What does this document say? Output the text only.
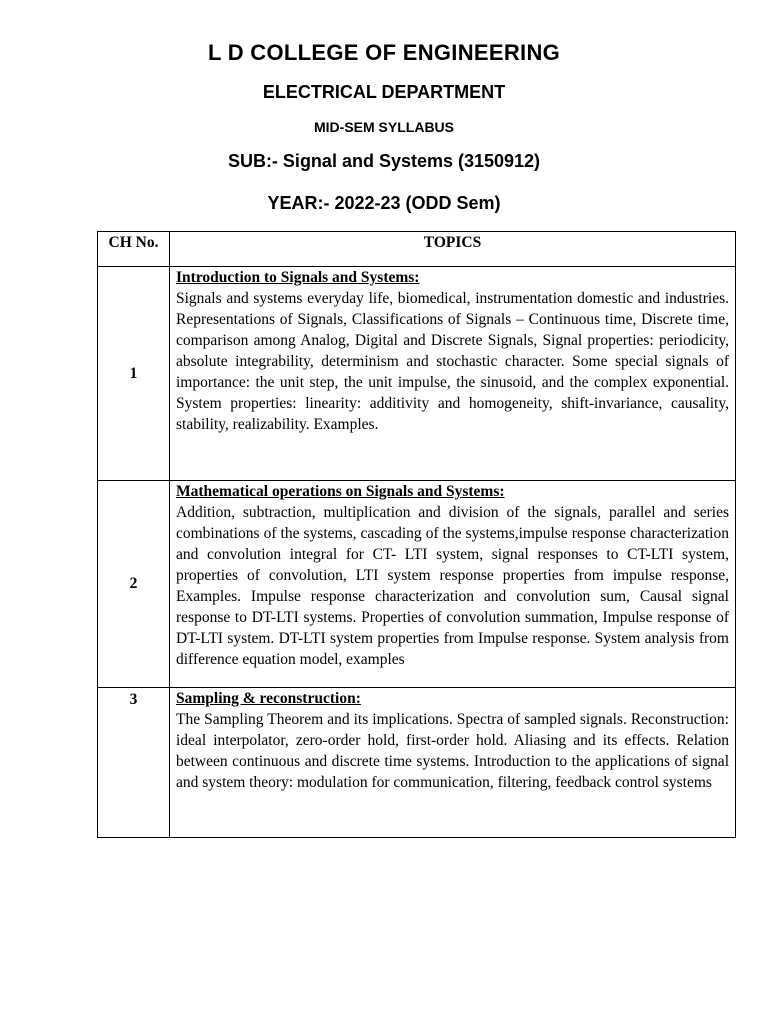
L D COLLEGE OF ENGINEERING
ELECTRICAL DEPARTMENT
MID-SEM SYLLABUS
SUB:- Signal and Systems (3150912)
YEAR:- 2022-23 (ODD Sem)
CH No.	TOPICS
1	Introduction to Signals and Systems:
Signals and systems everyday life, biomedical, instrumentation domestic and industries. Representations of Signals, Classifications of Signals – Continuous time, Discrete time, comparison among Analog, Digital and Discrete Signals, Signal properties: periodicity, absolute integrability, determinism and stochastic character. Some special signals of importance: the unit step, the unit impulse, the sinusoid, and the complex exponential. System properties: linearity: additivity and homogeneity, shift-invariance, causality, stability, realizability. Examples.

2	Mathematical operations on Signals and Systems:
Addition, subtraction, multiplication and division of the signals, parallel and series combinations of the systems, cascading of the systems,impulse response characterization and convolution integral for CT- LTI system, signal responses to CT-LTI system, properties of convolution, LTI system response properties from impulse response, Examples. Impulse response characterization and convolution sum, Causal signal response to DT-LTI systems. Properties of convolution summation, Impulse response of DT-LTI system. DT-LTI system properties from Impulse response. System analysis from difference equation model, examples

3	Sampling & reconstruction:
The Sampling Theorem and its implications. Spectra of sampled signals. Reconstruction: ideal interpolator, zero-order hold, first-order hold. Aliasing and its effects. Relation between continuous and discrete time systems. Introduction to the applications of signal and system theory: modulation for communication, filtering, feedback control systems
